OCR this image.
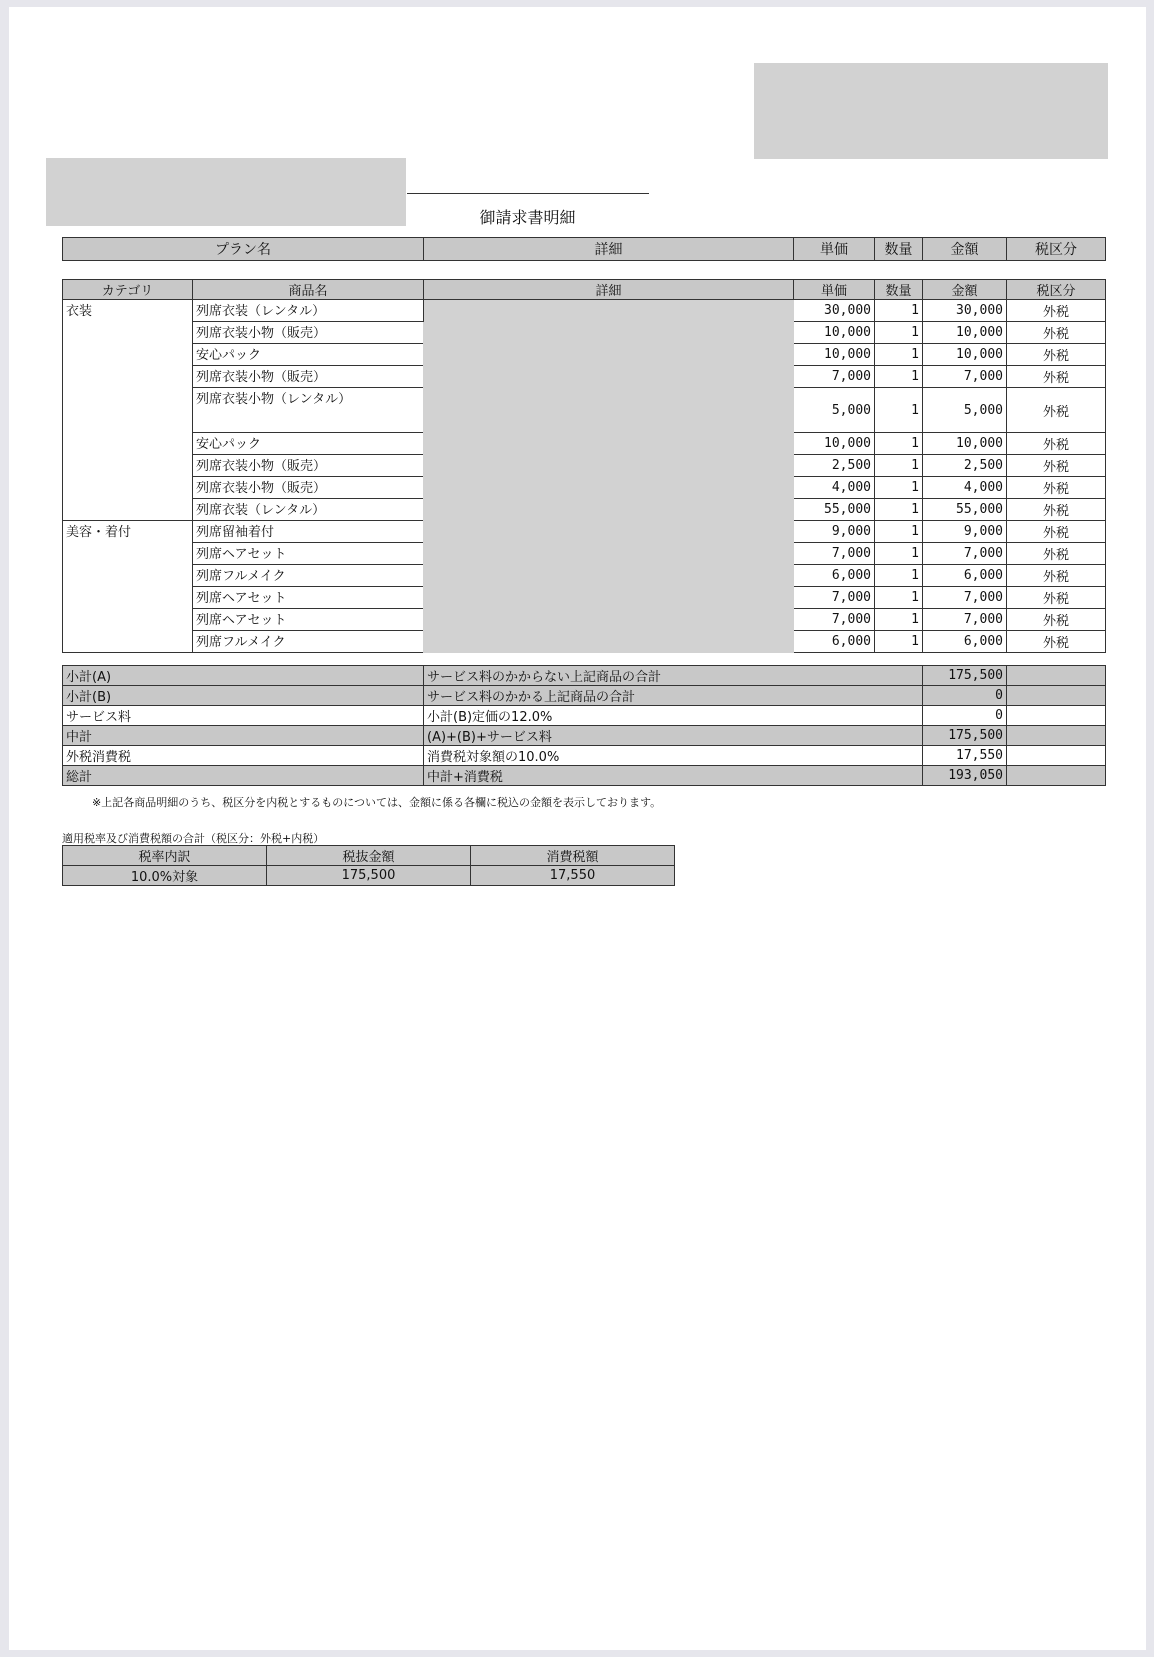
御請求書明細
プラン名	詳細	単価	数量	金額	税区分
カテゴリ	商品名	詳細	単価	数量	金額	税区分
衣装	列席衣装（レンタル）		30,000	1	30,000	外税
	列席衣装小物（販売）		10,000	1	10,000	外税
	安心パック		10,000	1	10,000	外税
	列席衣装小物（販売）		7,000	1	7,000	外税
	列席衣装小物（レンタル）		5,000	1	5,000	外税
	安心パック		10,000	1	10,000	外税
	列席衣装小物（販売）		2,500	1	2,500	外税
	列席衣装小物（販売）		4,000	1	4,000	外税
	列席衣装（レンタル）		55,000	1	55,000	外税
美容・着付	列席留袖着付		9,000	1	9,000	外税
	列席ヘアセット		7,000	1	7,000	外税
	列席フルメイク		6,000	1	6,000	外税
	列席ヘアセット		7,000	1	7,000	外税
	列席ヘアセット		7,000	1	7,000	外税
	列席フルメイク		6,000	1	6,000	外税
小計(A)	サービス料のかからない上記商品の合計	175,500	
小計(B)	サービス料のかかる上記商品の合計	0	
サービス料	小計(B)定価の12.0%	0	
中計	(A)+(B)+サービス料	175,500	
外税消費税	消費税対象額の10.0%	17,550	
総計	中計+消費税	193,050	
※上記各商品明細のうち、税区分を内税とするものについては、金額に係る各欄に税込の金額を表示しております。
適用税率及び消費税額の合計（税区分：外税+内税）
税率内訳	税抜金額	消費税額
10.0%対象	175,500	17,550
